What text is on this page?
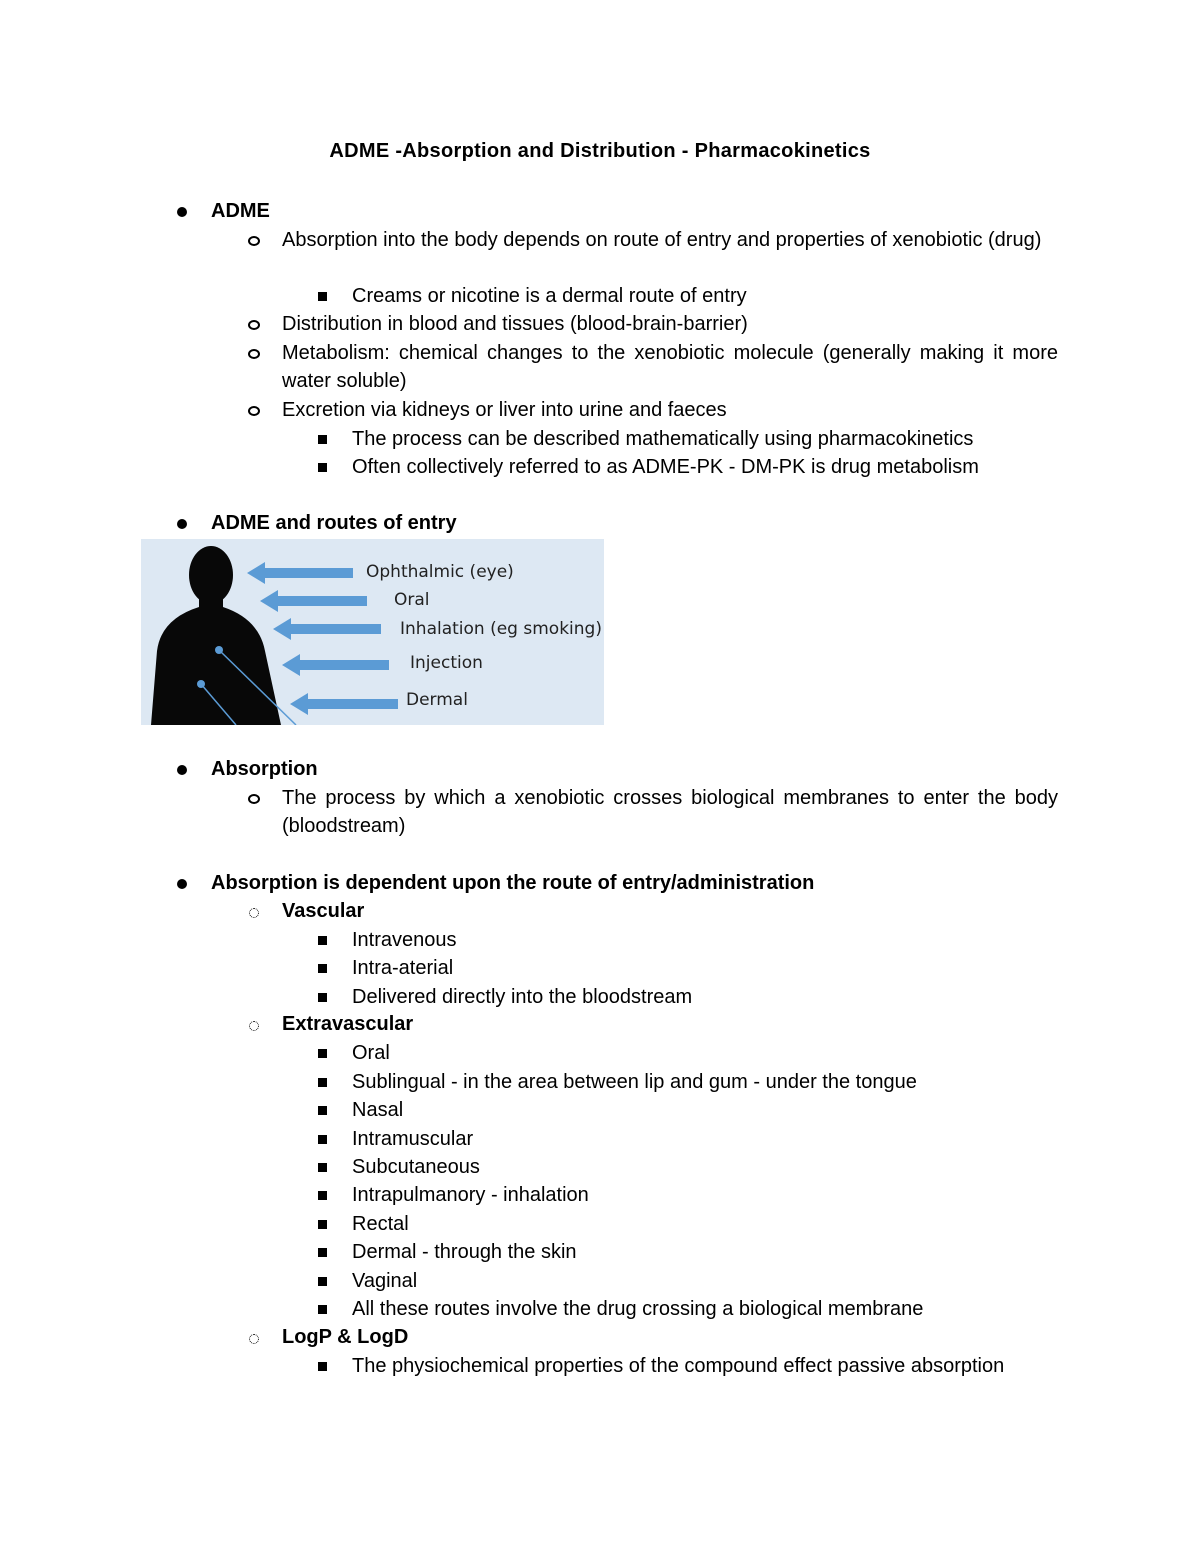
ADME -Absorption and Distribution - Pharmacokinetics
ADME
Absorption into the body depends on route of entry and properties of xenobiotic (drug)
Creams or nicotine is a dermal route of entry
Distribution in blood and tissues (blood-brain-barrier)
Metabolism: chemical changes to the xenobiotic molecule (generally making it more water soluble)
Excretion via kidneys or liver into urine and faeces
The process can be described mathematically using pharmacokinetics
Often collectively referred to as ADME-PK - DM-PK is drug metabolism
ADME and routes of entry
Ophthalmic (eye)
Oral
Inhalation (eg smoking)
Injection
Dermal
Absorption
The process by which a xenobiotic crosses biological membranes to enter the body (bloodstream)
Absorption is dependent upon the route of entry/administration
Vascular
Intravenous
Intra-aterial
Delivered directly into the bloodstream
Extravascular
Oral
Sublingual - in the area between lip and gum - under the tongue
Nasal
Intramuscular
Subcutaneous
Intrapulmanory - inhalation
Rectal
Dermal - through the skin
Vaginal
All these routes involve the drug crossing a biological membrane
LogP & LogD
The physiochemical properties of the compound effect passive absorption
